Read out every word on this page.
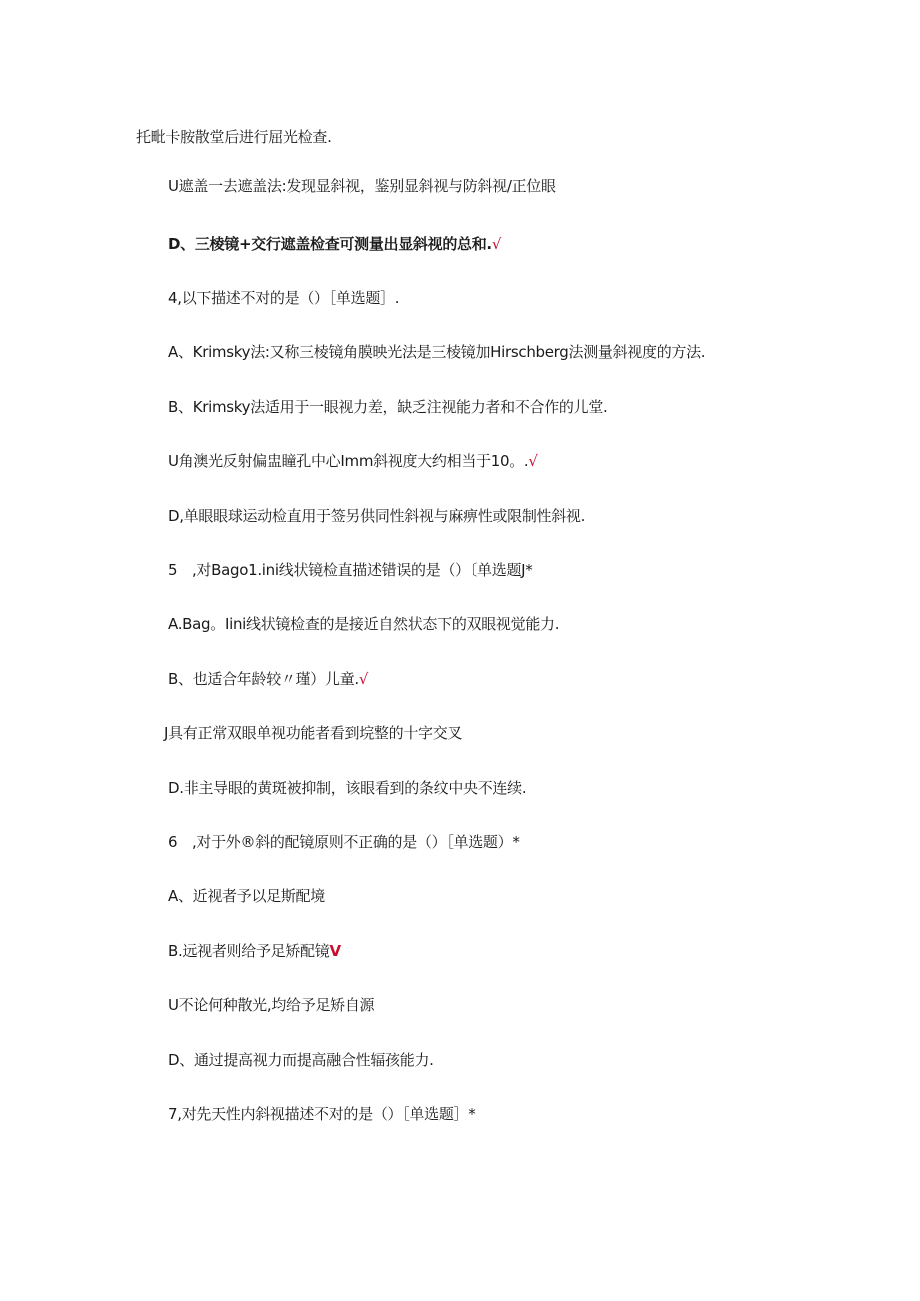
托毗卡胺散堂后进行屈光检查.
U遮盖一去遮盖法:发现显斜视，鉴别显斜视与防斜视/正位眼
D、三棱镜+交行遮盖检查可测量出显斜视的总和.√
4,以下描述不对的是（）［单选题］.
A、Krimsky法:又称三棱镜角膜映光法是三棱镜加Hirschberg法测量斜视度的方法.
B、Krimsky法适用于一眼视力差，缺乏注视能力者和不合作的儿堂.
U角澳光反射偏盅瞳孔中心Imm斜视度大约相当于10。.√
D,单眼眼球运动检直用于签另供同性斜视与麻痹性或限制性斜视.
5　,对Bago1.ini线状镜检直描述错误的是（）〔单选题J*
A.Bag。Iini线状镜检查的是接近自然状态下的双眼视觉能力.
B、也适合年龄较〃瑾）儿童.√
J具有正常双眼单视功能者看到垸整的十字交叉
D.非主导眼的黄斑被抑制，该眼看到的条纹中央不连续.
6　,对于外®斜的配镜原则不正确的是（）［单选题）*
A、近视者予以足斯配境
B.远视者则给予足矫配镜V
U不论何种散光,均给予足矫自源
D、通过提高视力而提高融合性辐孩能力.
7,对先天性内斜视描述不对的是（）［单选题］*
